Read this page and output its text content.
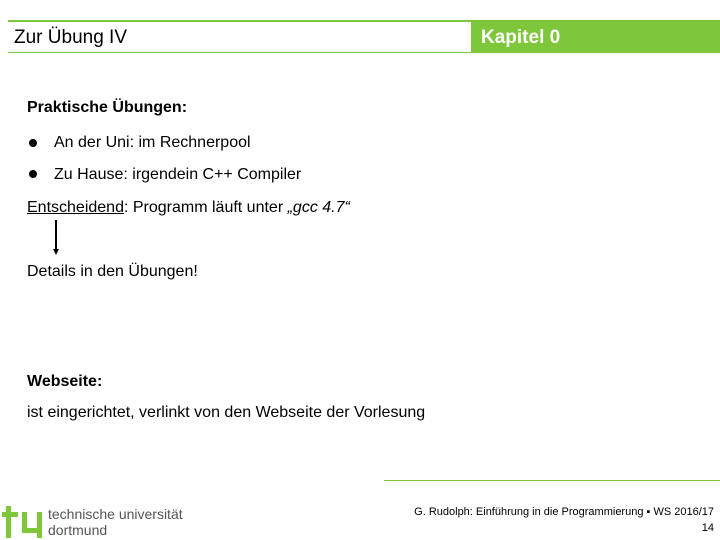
Zur Übung IV	Kapitel 0
Praktische Übungen:
An der Uni: im Rechnerpool
Zu Hause: irgendein C++ Compiler
Entscheidend: Programm läuft unter „gcc 4.7“
Details in den Übungen!
Webseite:
ist eingerichtet, verlinkt von den Webseite der Vorlesung
technische universität
dortmund
G. Rudolph: Einführung in die Programmierung ▪ WS 2016/17
14
